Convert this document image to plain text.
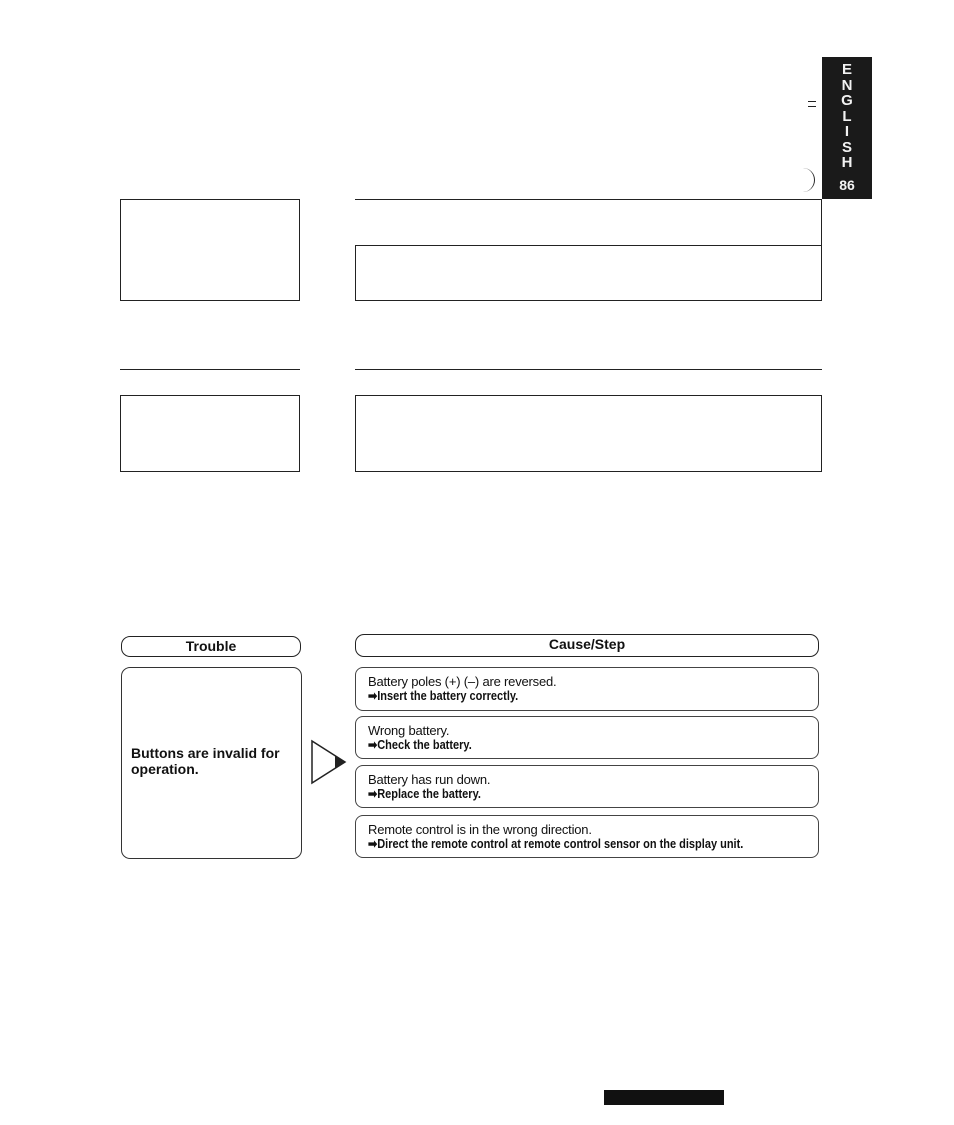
E
N
G
L
I
S
H
86
Trouble	Cause/Step
Buttons are invalid for operation.
Battery poles (+) (–) are reversed.
➡Insert the battery correctly.
Wrong battery.
➡Check the battery.
Battery has run down.
➡Replace the battery.
Remote control is in the wrong direction.
➡Direct the remote control at remote control sensor on the display unit.
